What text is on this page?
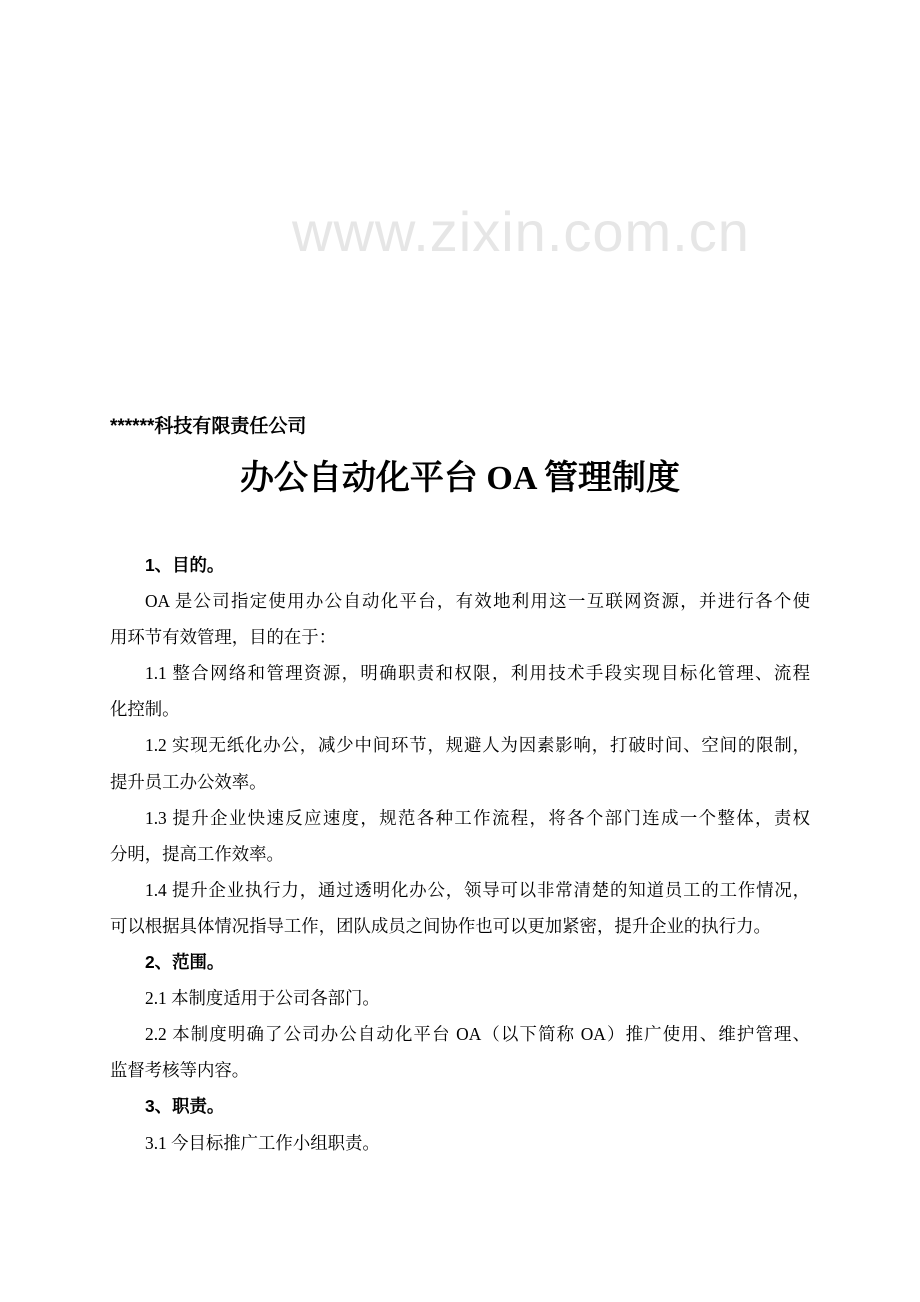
www.zixin.com.cn
******科技有限责任公司
办公自动化平台 OA 管理制度
1、目的。
OA 是公司指定使用办公自动化平台，有效地利用这一互联网资源，并进行各个使
用环节有效管理，目的在于：
1.1 整合网络和管理资源，明确职责和权限，利用技术手段实现目标化管理、流程
化控制。
1.2 实现无纸化办公，减少中间环节，规避人为因素影响，打破时间、空间的限制，
提升员工办公效率。
1.3 提升企业快速反应速度，规范各种工作流程，将各个部门连成一个整体，责权
分明，提高工作效率。
1.4 提升企业执行力，通过透明化办公，领导可以非常清楚的知道员工的工作情况，
可以根据具体情况指导工作，团队成员之间协作也可以更加紧密，提升企业的执行力。
2、范围。
2.1 本制度适用于公司各部门。
2.2 本制度明确了公司办公自动化平台 OA（以下简称 OA）推广使用、维护管理、
监督考核等内容。
3、职责。
3.1 今目标推广工作小组职责。
